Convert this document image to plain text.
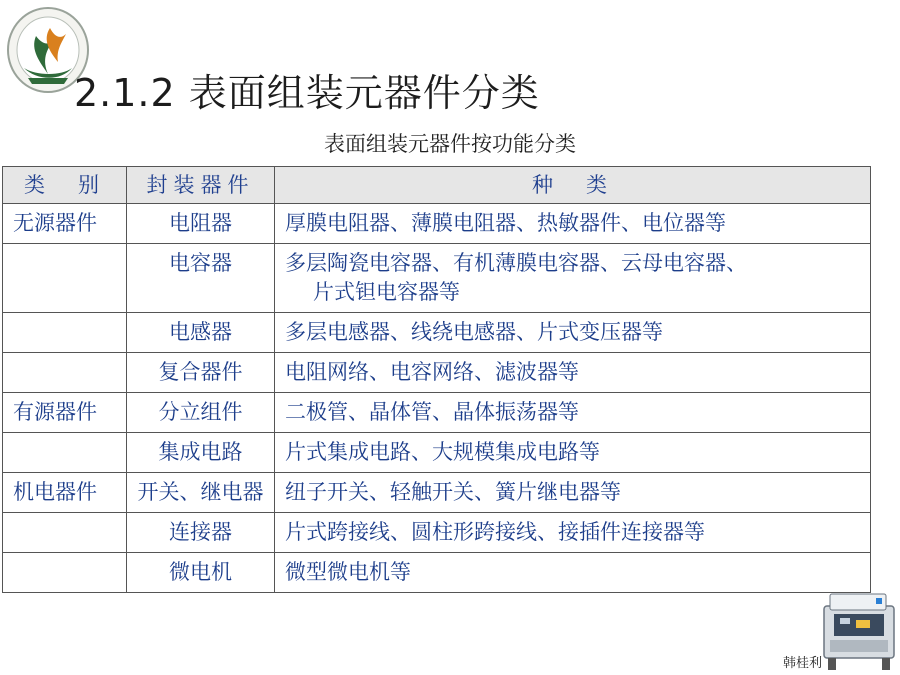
2.1.2 表面组装元器件分类
表面组装元器件按功能分类
类　别	封装器件	种　类
无源器件	电阻器	厚膜电阻器、薄膜电阻器、热敏器件、电位器等
	电容器	多层陶瓷电容器、有机薄膜电容器、云母电容器、
片式钽电容器等
	电感器	多层电感器、线绕电感器、片式变压器等
	复合器件	电阻网络、电容网络、滤波器等
有源器件	分立组件	二极管、晶体管、晶体振荡器等
	集成电路	片式集成电路、大规模集成电路等
机电器件	开关、继电器	纽子开关、轻触开关、簧片继电器等
	连接器	片式跨接线、圆柱形跨接线、接插件连接器等
	微电机	微型微电机等
韩桂利
